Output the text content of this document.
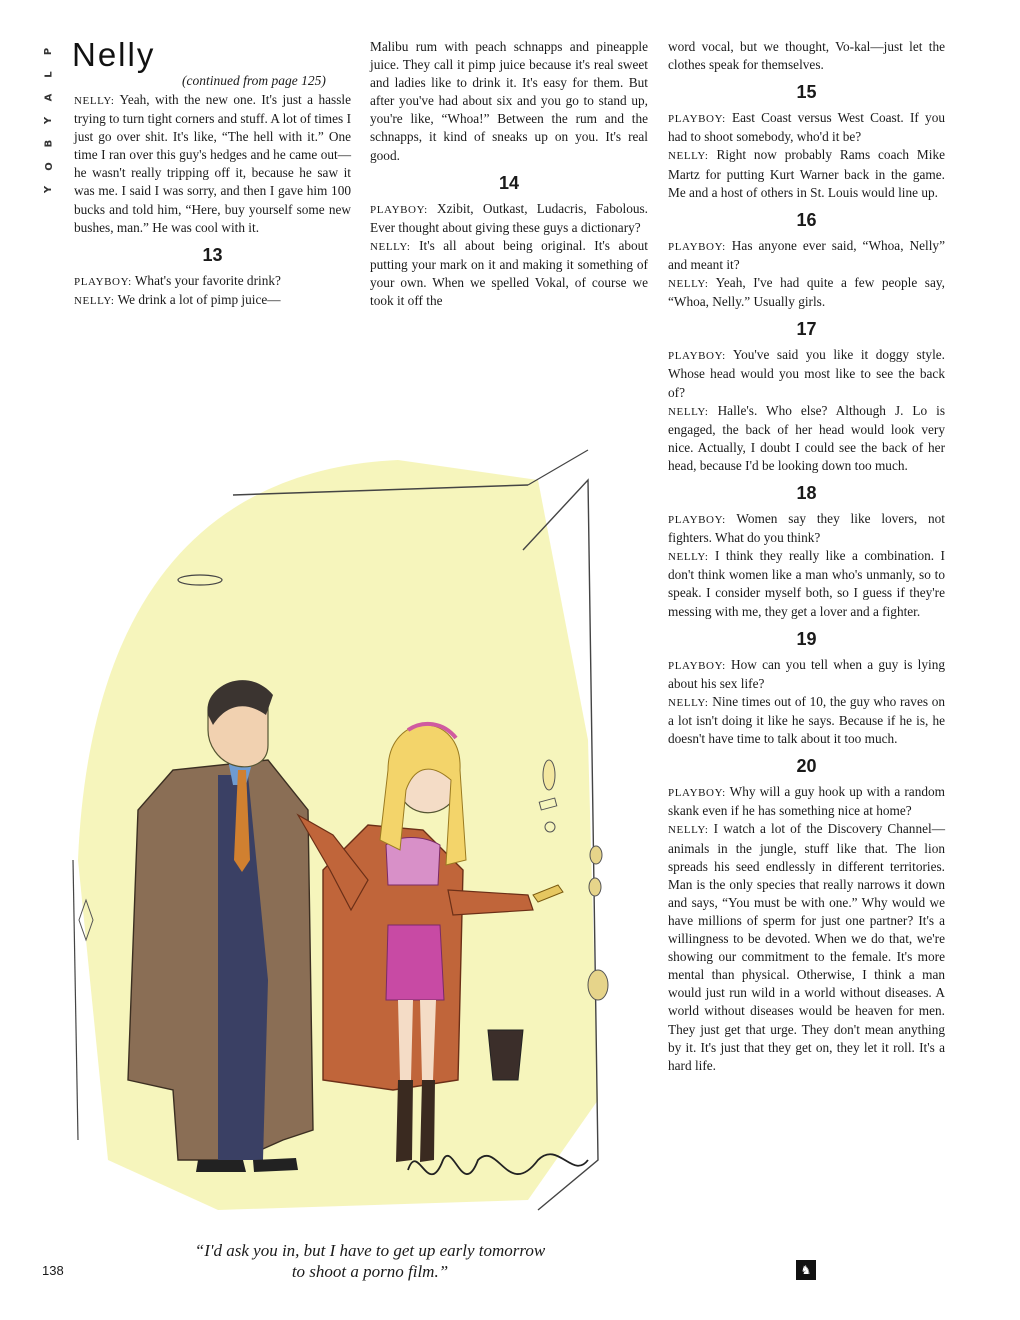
P
L
A
Y
B
O
Y
Nelly
(continued from page 125)

NELLY: Yeah, with the new one. It's just a hassle trying to turn tight corners and stuff. A lot of times I just go over shit. It's like, “The hell with it.” One time I ran over this guy's hedges and he came out—he wasn't really tripping off it, because he saw it was me. I said I was sorry, and then I gave him 100 bucks and told him, “Here, buy yourself some new bushes, man.” He was cool with it.

13

PLAYBOY: What's your favorite drink?

NELLY: We drink a lot of pimp juice—

Malibu rum with peach schnapps and pineapple juice. They call it pimp juice because it's real sweet and ladies like to drink it. It's easy for them. But after you've had about six and you go to stand up, you're like, “Whoa!” Between the rum and the schnapps, it kind of sneaks up on you. It's real good.

14

PLAYBOY: Xzibit, Outkast, Ludacris, Fabolous. Ever thought about giving these guys a dictionary?

NELLY: It's all about being original. It's about putting your mark on it and making it something of your own. When we spelled Vokal, of course we took it off the

word vocal, but we thought, Vo-kal—just let the clothes speak for themselves.

15

PLAYBOY: East Coast versus West Coast. If you had to shoot somebody, who'd it be?

NELLY: Right now probably Rams coach Mike Martz for putting Kurt Warner back in the game. Me and a host of others in St. Louis would line up.

16

PLAYBOY: Has anyone ever said, “Whoa, Nelly” and meant it?

NELLY: Yeah, I've had quite a few people say, “Whoa, Nelly.” Usually girls.

17

PLAYBOY: You've said you like it doggy style. Whose head would you most like to see the back of?

NELLY: Halle's. Who else? Although J. Lo is engaged, the back of her head would look very nice. Actually, I doubt I could see the back of her head, because I'd be looking down too much.

18

PLAYBOY: Women say they like lovers, not fighters. What do you think?

NELLY: I think they really like a combination. I don't think women like a man who's unmanly, so to speak. I consider myself both, so I guess if they're messing with me, they get a lover and a fighter.

19

PLAYBOY: How can you tell when a guy is lying about his sex life?

NELLY: Nine times out of 10, the guy who raves on a lot isn't doing it like he says. Because if he is, he doesn't have time to talk about it too much.

20

PLAYBOY: Why will a guy hook up with a random skank even if he has something nice at home?

NELLY: I watch a lot of the Discovery Channel—animals in the jungle, stuff like that. The lion spreads his seed endlessly in different territories. Man is the only species that really narrows it down and says, “You must be with one.” Why would we have millions of sperm for just one partner? It's a willingness to be devoted. When we do that, we're showing our commitment to the female. It's more mental than physical. Otherwise, I think a man would just run wild in a world without diseases. A world without diseases would be heaven for men. They just get that urge. They don't mean anything by it. It's just that they get on, they let it roll. It's a hard life.

“I'd ask you in, but I have to get up early tomorrow
to shoot a porno film.”
138	♞
